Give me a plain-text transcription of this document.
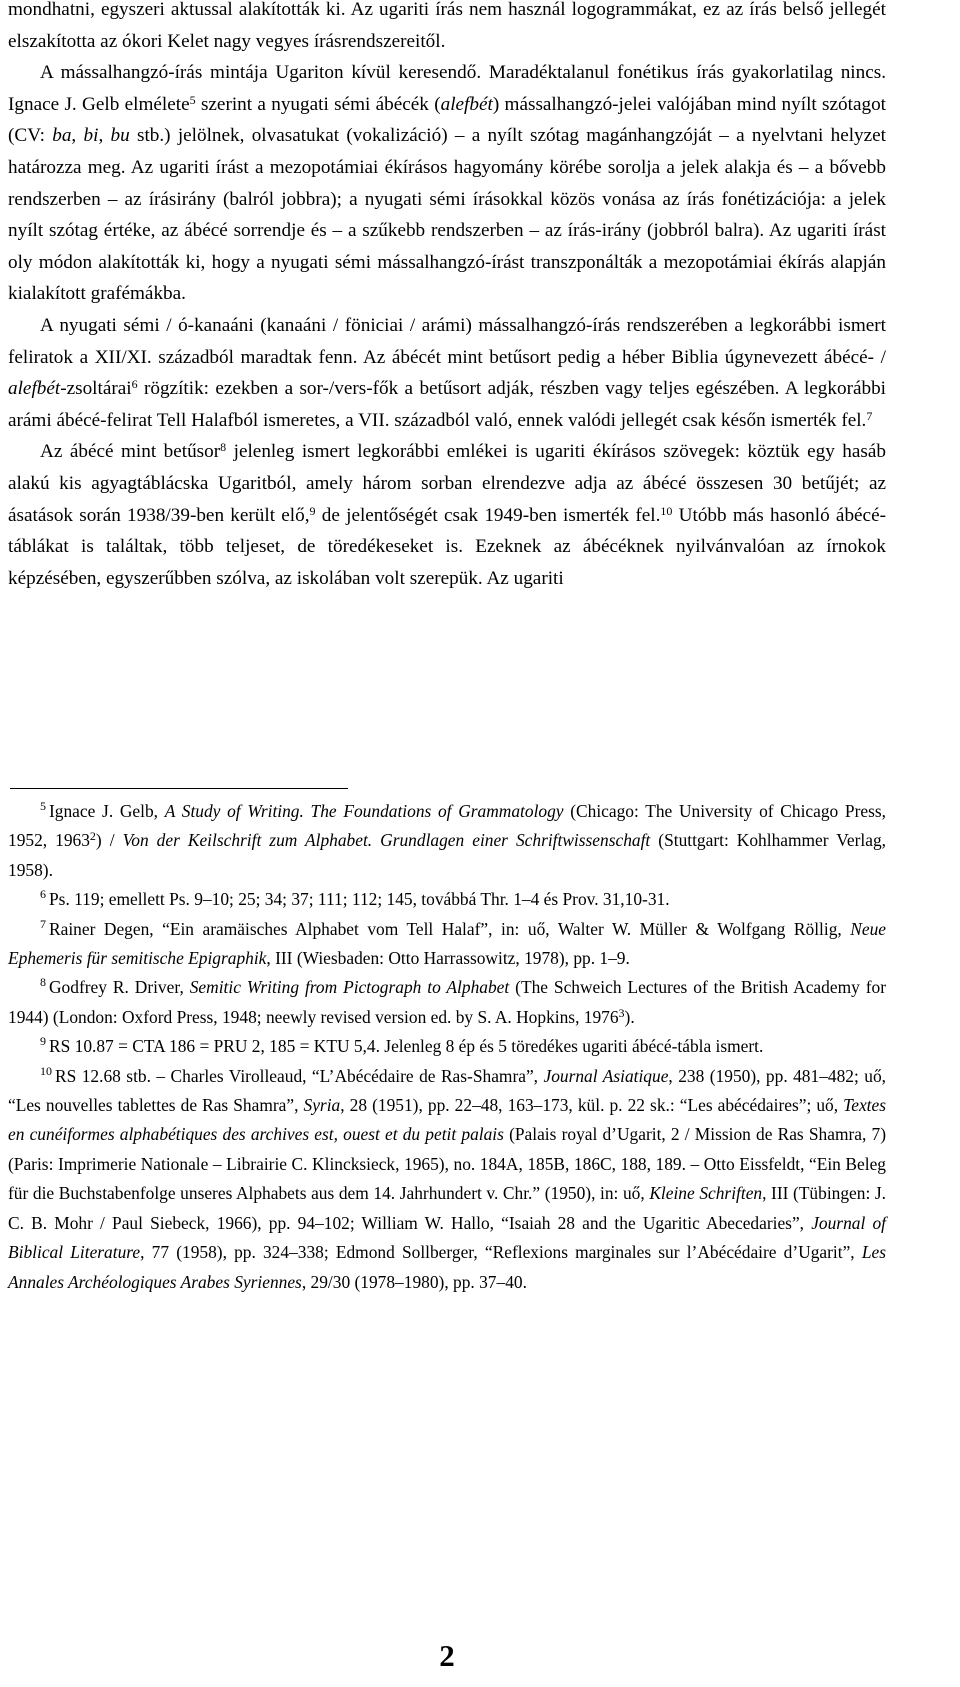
mondhatni, egyszeri aktussal alakították ki. Az ugariti írás nem használ logogrammákat, ez az írás belső jellegét elszakította az ókori Kelet nagy vegyes írásrendszereitől.

A mássalhangzó-írás mintája Ugariton kívül keresendő. Maradéktalanul fonétikus írás gyakorlatilag nincs. Ignace J. Gelb elmélete$^5$ szerint a nyugati sémi ábécék (alefbét) mássalhangzó-jelei valójában mind nyílt szótagot (CV: ba, bi, bu stb.) jelölnek, olvasatukat (vokalizáció) – a nyílt szótag magánhangzóját – a nyelvtani helyzet határozza meg. Az ugariti írást a mezopotámiai ékírásos hagyomány körébe sorolja a jelek alakja és – a bővebb rendszerben – az írásirány (balról jobbra); a nyugati sémi írásokkal közös vonása az írás fonétizációja: a jelek nyílt szótag értéke, az ábécé sorrendje és – a szűkebb rendszerben – az írás-irány (jobbról balra). Az ugariti írást oly módon alakították ki, hogy a nyugati sémi mássalhangzó-írást transzponálták a mezopotámiai ékírás alapján kialakított grafémákba.

A nyugati sémi / ó-kanaáni (kanaáni / föniciai / arámi) mássalhangzó-írás rendszerében a legkorábbi ismert feliratok a XII/XI. századból maradtak fenn. Az ábécét mint betűsort pedig a héber Biblia úgynevezett ábécé- / alefbét-zsoltárai$^6$ rögzítik: ezekben a sor-/vers-fők a betűsort adják, részben vagy teljes egészében. A legkorábbi arámi ábécé-felirat Tell Halafból ismeretes, a VII. századból való, ennek valódi jellegét csak későn ismerték fel.$^7$

Az ábécé mint betűsor$^8$ jelenleg ismert legkorábbi emlékei is ugariti ékírásos szövegek: köztük egy hasáb alakú kis agyagtáblácska Ugaritból, amely három sorban elrendezve adja az ábécé összesen 30 betűjét; az ásatások során 1938/39-ben került elő,$^9$ de jelentőségét csak 1949-ben ismerték fel.$^{10}$ Utóbb más hasonló ábécé-táblákat is találtak, több teljeset, de töredékeseket is. Ezeknek az ábécéknek nyilvánvalóan az írnokok képzésében, egyszerűbben szólva, az iskolában volt szerepük. Az ugariti

$^5$ Ignace J. Gelb, A Study of Writing. The Foundations of Grammatology (Chicago: The University of Chicago Press, 1952, 1963$^2$) / Von der Keilschrift zum Alphabet. Grundlagen einer Schriftwissenschaft (Stuttgart: Kohlhammer Verlag, 1958).

$^6$ Ps. 119; emellett Ps. 9–10; 25; 34; 37; 111; 112; 145, továbbá Thr. 1–4 és Prov. 31,10-31.

$^7$ Rainer Degen, “Ein aramäisches Alphabet vom Tell Halaf”, in: uő, Walter W. Müller & Wolfgang Röllig, Neue Ephemeris für semitische Epigraphik, III (Wiesbaden: Otto Harrassowitz, 1978), pp. 1–9.

$^8$ Godfrey R. Driver, Semitic Writing from Pictograph to Alphabet (The Schweich Lectures of the British Academy for 1944) (London: Oxford Press, 1948; neewly revised version ed. by S. A. Hopkins, 1976$^3$).

$^9$ RS 10.87 = CTA 186 = PRU 2, 185 = KTU 5,4. Jelenleg 8 ép és 5 töredékes ugariti ábécé-tábla ismert.

$^{10}$ RS 12.68 stb. – Charles Virolleaud, “L’Abécédaire de Ras-Shamra”, Journal Asiatique, 238 (1950), pp. 481–482; uő, “Les nouvelles tablettes de Ras Shamra”, Syria, 28 (1951), pp. 22–48, 163–173, kül. p. 22 sk.: “Les abécédaires”; uő, Textes en cunéiformes alphabétiques des archives est, ouest et du petit palais (Palais royal d’Ugarit, 2 / Mission de Ras Shamra, 7) (Paris: Imprimerie Nationale – Librairie C. Klincksieck, 1965), no. 184A, 185B, 186C, 188, 189. – Otto Eissfeldt, “Ein Beleg für die Buchstabenfolge unseres Alphabets aus dem 14. Jahrhundert v. Chr.” (1950), in: uő, Kleine Schriften, III (Tübingen: J. C. B. Mohr / Paul Siebeck, 1966), pp. 94–102; William W. Hallo, “Isaiah 28 and the Ugaritic Abecedaries”, Journal of Biblical Literature, 77 (1958), pp. 324–338; Edmond Sollberger, “Reflexions marginales sur l’Abécédaire d’Ugarit”, Les Annales Archéologiques Arabes Syriennes, 29/30 (1978–1980), pp. 37–40.

2
